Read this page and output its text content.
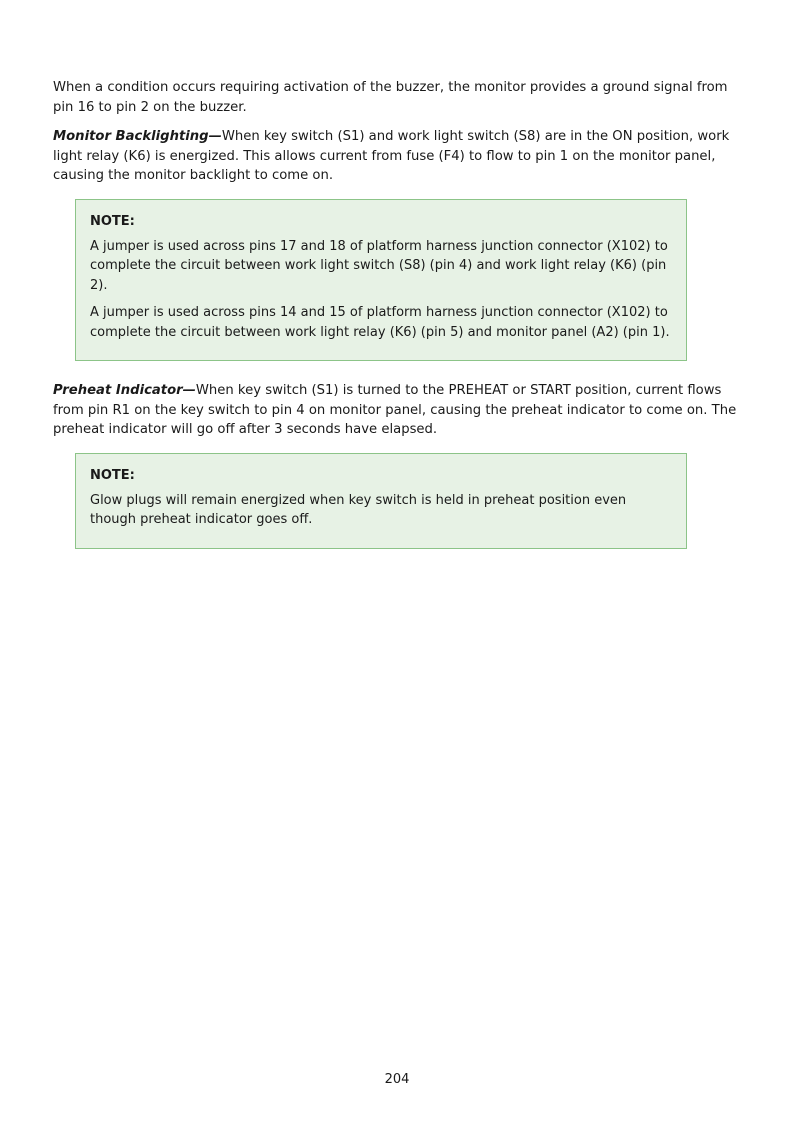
When a condition occurs requiring activation of the buzzer, the monitor provides a ground signal from pin 16 to pin 2 on the buzzer.

Monitor Backlighting—When key switch (S1) and work light switch (S8) are in the ON position, work light relay (K6) is energized. This allows current from fuse (F4) to flow to pin 1 on the monitor panel, causing the monitor backlight to come on.

NOTE:

A jumper is used across pins 17 and 18 of platform harness junction connector (X102) to complete the circuit between work light switch (S8) (pin 4) and work light relay (K6) (pin 2).

A jumper is used across pins 14 and 15 of platform harness junction connector (X102) to complete the circuit between work light relay (K6) (pin 5) and monitor panel (A2) (pin 1).

Preheat Indicator—When key switch (S1) is turned to the PREHEAT or START position, current flows from pin R1 on the key switch to pin 4 on monitor panel, causing the preheat indicator to come on. The preheat indicator will go off after 3 seconds have elapsed.

NOTE:

Glow plugs will remain energized when key switch is held in preheat position even though preheat indicator goes off.

204
